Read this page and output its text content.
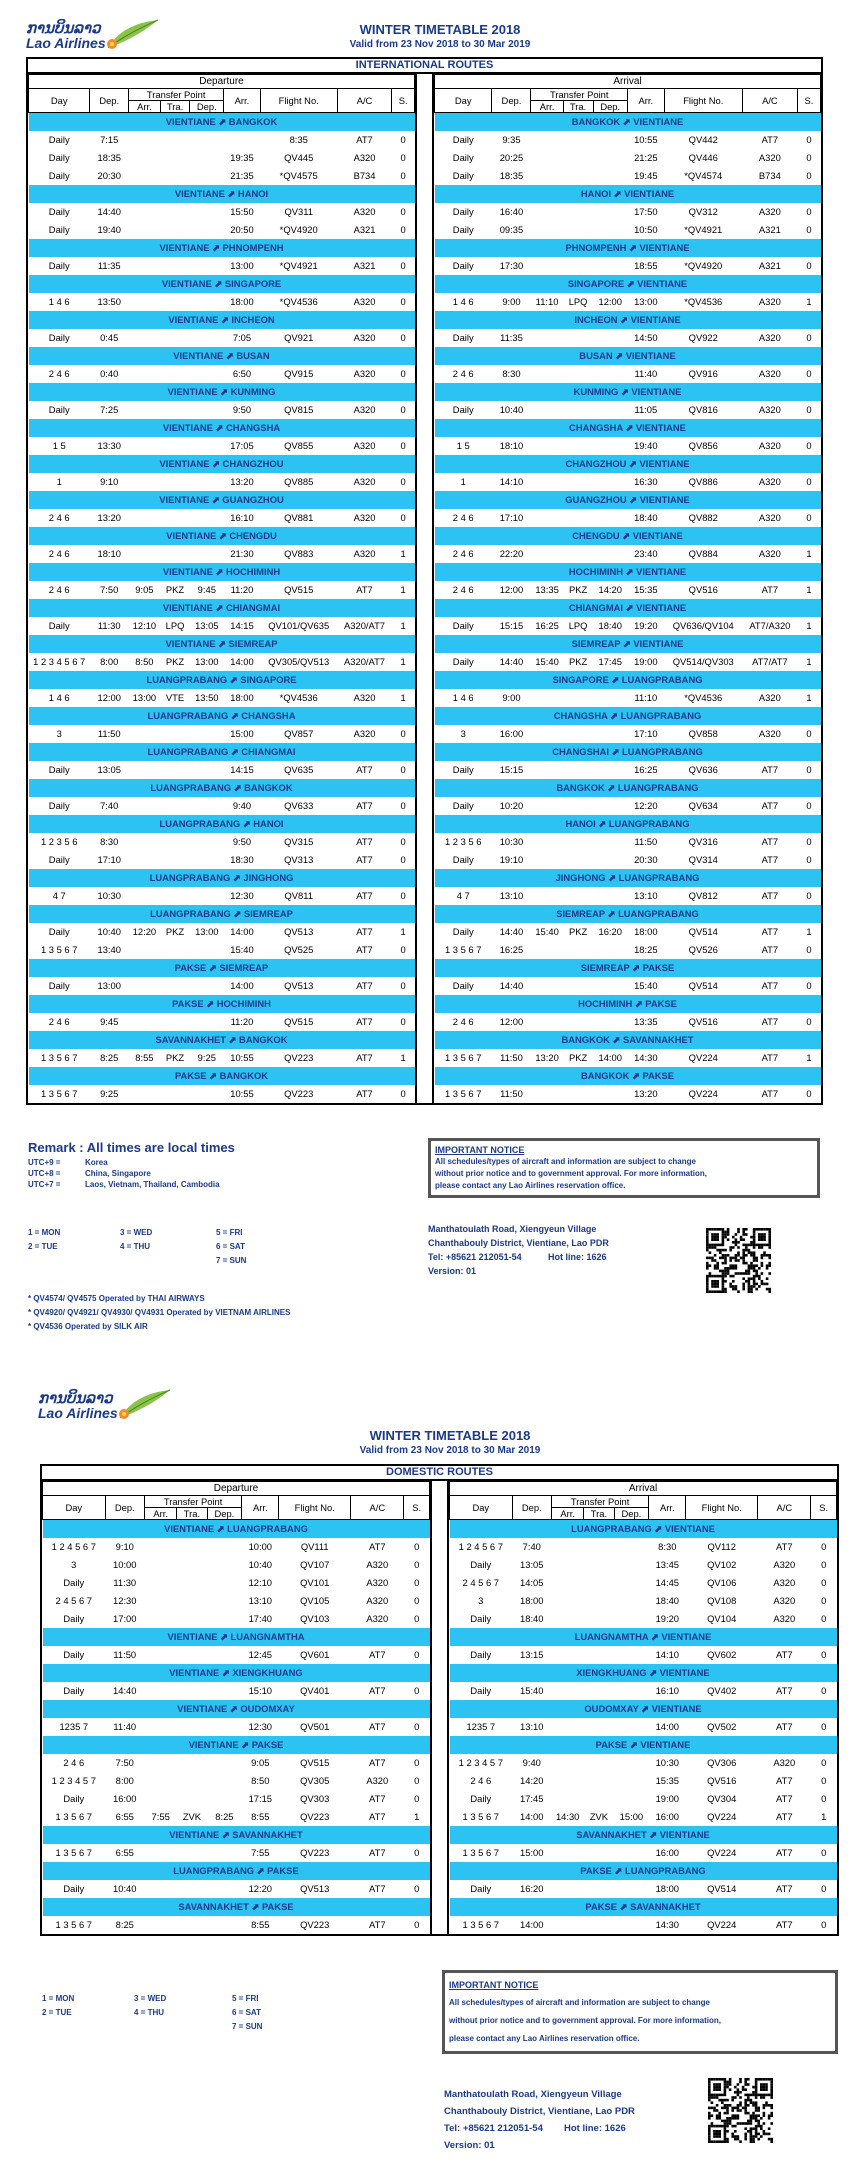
ການບິນລາວ
Lao Airlines
WINTER TIMETABLE 2018
Valid from 23 Nov 2018 to 30 Mar 2019
INTERNATIONAL ROUTES
Departure								
Day	Dep.	Transfer Point			Arr.	Flight No.	A/C	S.
		Arr.	Tra.	Dep.				
VIENTIANE ⬈ BANGKOK								
Daily	7:15					8:35	AT7	0
Daily	18:35				19:35	QV445	A320	0
Daily	20:30				21:35	*QV4575	B734	0
VIENTIANE ⬈ HANOI								
Daily	14:40				15:50	QV311	A320	0
Daily	19:40				20:50	*QV4920	A321	0
VIENTIANE ⬈ PHNOMPENH								
Daily	11:35				13:00	*QV4921	A321	0
VIENTIANE ⬈ SINGAPORE								
1 4 6	13:50				18:00	*QV4536	A320	0
VIENTIANE ⬈ INCHEON								
Daily	0:45				7:05	QV921	A320	0
VIENTIANE ⬈ BUSAN								
2 4 6	0:40				6:50	QV915	A320	0
VIENTIANE ⬈ KUNMING								
Daily	7:25				9:50	QV815	A320	0
VIENTIANE ⬈ CHANGSHA								
1 5	13:30				17:05	QV855	A320	0
VIENTIANE ⬈ CHANGZHOU								
1	9:10				13:20	QV885	A320	0
VIENTIANE ⬈ GUANGZHOU								
2 4 6	13:20				16:10	QV881	A320	0
VIENTIANE ⬈ CHENGDU								
2 4 6	18:10				21:30	QV883	A320	1
VIENTIANE ⬈ HOCHIMINH								
2 4 6	7:50	9:05	PKZ	9:45	11:20	QV515	AT7	1
VIENTIANE ⬈ CHIANGMAI								
Daily	11:30	12:10	LPQ	13:05	14:15	QV101/QV635	A320/AT7	1
VIENTIANE ⬈ SIEMREAP								
1 2 3 4 5 6 7	8:00	8:50	PKZ	13:00	14:00	QV305/QV513	A320/AT7	1
LUANGPRABANG ⬈ SINGAPORE								
1 4 6	12:00	13:00	VTE	13:50	18:00	*QV4536	A320	1
LUANGPRABANG ⬈ CHANGSHA								
3	11:50				15:00	QV857	A320	0
LUANGPRABANG ⬈ CHIANGMAI								
Daily	13:05				14:15	QV635	AT7	0
LUANGPRABANG ⬈ BANGKOK								
Daily	7:40				9:40	QV633	AT7	0
LUANGPRABANG ⬈ HANOI								
1 2 3 5 6	8:30				9:50	QV315	AT7	0
Daily	17:10				18:30	QV313	AT7	0
LUANGPRABANG ⬈ JINGHONG								
4 7	10:30				12:30	QV811	AT7	0
LUANGPRABANG ⬈ SIEMREAP								
Daily	10:40	12:20	PKZ	13:00	14:00	QV513	AT7	1
1 3 5 6 7	13:40				15:40	QV525	AT7	0
PAKSE ⬈ SIEMREAP								
Daily	13:00				14:00	QV513	AT7	0
PAKSE ⬈ HOCHIMINH								
2 4 6	9:45				11:20	QV515	AT7	0
SAVANNAKHET ⬈ BANGKOK								
1 3 5 6 7	8:25	8:55	PKZ	9:25	10:55	QV223	AT7	1
PAKSE ⬈ BANGKOK								
1 3 5 6 7	9:25				10:55	QV223	AT7	0
Arrival								
Day	Dep.	Transfer Point			Arr.	Flight No.	A/C	S.
		Arr.	Tra.	Dep.				
BANGKOK ⬈ VIENTIANE								
Daily	9:35				10:55	QV442	AT7	0
Daily	20:25				21:25	QV446	A320	0
Daily	18:35				19:45	*QV4574	B734	0
HANOI ⬈ VIENTIANE								
Daily	16:40				17:50	QV312	A320	0
Daily	09:35				10:50	*QV4921	A321	0
PHNOMPENH ⬈ VIENTIANE								
Daily	17:30				18:55	*QV4920	A321	0
SINGAPORE ⬈ VIENTIANE								
1 4 6	9:00	11:10	LPQ	12:00	13:00	*QV4536	A320	1
INCHEON ⬈ VIENTIANE								
Daily	11:35				14:50	QV922	A320	0
BUSAN ⬈ VIENTIANE								
2 4 6	8:30				11:40	QV916	A320	0
KUNMING ⬈ VIENTIANE								
Daily	10:40				11:05	QV816	A320	0
CHANGSHA ⬈ VIENTIANE								
1 5	18:10				19:40	QV856	A320	0
CHANGZHOU ⬈ VIENTIANE								
1	14:10				16:30	QV886	A320	0
GUANGZHOU ⬈ VIENTIANE								
2 4 6	17:10				18:40	QV882	A320	0
CHENGDU ⬈ VIENTIANE								
2 4 6	22:20				23:40	QV884	A320	1
HOCHIMINH ⬈ VIENTIANE								
2 4 6	12:00	13:35	PKZ	14:20	15:35	QV516	AT7	1
CHIANGMAI ⬈ VIENTIANE								
Daily	15:15	16:25	LPQ	18:40	19:20	QV636/QV104	AT7/A320	1
SIEMREAP ⬈ VIENTIANE								
Daily	14:40	15:40	PKZ	17:45	19:00	QV514/QV303	AT7/AT7	1
SINGAPORE ⬈ LUANGPRABANG								
1 4 6	9:00				11:10	*QV4536	A320	1
CHANGSHA ⬈ LUANGPRABANG								
3	16:00				17:10	QV858	A320	0
CHANGSHAI ⬈ LUANGPRABANG								
Daily	15:15				16:25	QV636	AT7	0
BANGKOK ⬈ LUANGPRABANG								
Daily	10:20				12:20	QV634	AT7	0
HANOI ⬈ LUANGPRABANG								
1 2 3 5 6	10:30				11:50	QV316	AT7	0
Daily	19:10				20:30	QV314	AT7	0
JINGHONG ⬈ LUANGPRABANG								
4 7	13:10				13:10	QV812	AT7	0
SIEMREAP ⬈ LUANGPRABANG								
Daily	14:40	15:40	PKZ	16:20	18:00	QV514	AT7	1
1 3 5 6 7	16:25				18:25	QV526	AT7	0
SIEMREAP ⬈ PAKSE								
Daily	14:40				15:40	QV514	AT7	0
HOCHIMINH ⬈ PAKSE								
2 4 6	12:00				13:35	QV516	AT7	0
BANGKOK ⬈ SAVANNAKHET								
1 3 5 6 7	11:50	13:20	PKZ	14:00	14:30	QV224	AT7	1
BANGKOK ⬈ PAKSE								
1 3 5 6 7	11:50				13:20	QV224	AT7	0
Remark : All times are local times
UTC+9 =	Korea
UTC+8 =	China, Singapore
UTC+7 =	Laos, Vietnam, Thailand, Cambodia
IMPORTANT NOTICE
All schedules/types of aircraft and information are subject to change
without prior notice and to government approval. For more information,
please contact any Lao Airlines reservation office.
1 = MON
2 = TUE
3 = WED
4 = THU
5 = FRI
6 = SAT
7 = SUN
* QV4574/ QV4575 Operated by THAI AIRWAYS
* QV4920/ QV4921/ QV4930/ QV4931 Operated by VIETNAM AIRLINES
* QV4536 Operated by SILK AIR
Manthatoulath Road, Xiengyeun Village
Chanthabouly District, Vientiane, Lao PDR
Tel: +85621 212051-54	Hot line: 1626
Version: 01
ການບິນລາວ
Lao Airlines
WINTER TIMETABLE 2018
Valid from 23 Nov 2018 to 30 Mar 2019
DOMESTIC ROUTES
Departure								
Day	Dep.	Transfer Point			Arr.	Flight No.	A/C	S.
		Arr.	Tra.	Dep.				
VIENTIANE ⬈ LUANGPRABANG								
1 2 4 5 6 7	9:10				10:00	QV111	AT7	0
3	10:00				10:40	QV107	A320	0
Daily	11:30				12:10	QV101	A320	0
2 4 5 6 7	12:30				13:10	QV105	A320	0
Daily	17:00				17:40	QV103	A320	0
VIENTIANE ⬈ LUANGNAMTHA								
Daily	11:50				12:45	QV601	AT7	0
VIENTIANE ⬈ XIENGKHUANG								
Daily	14:40				15:10	QV401	AT7	0
VIENTIANE ⬈ OUDOMXAY								
1235 7	11:40				12:30	QV501	AT7	0
VIENTIANE ⬈ PAKSE								
2 4 6	7:50				9:05	QV515	AT7	0
1 2 3 4 5 7	8:00				8:50	QV305	A320	0
Daily	16:00				17:15	QV303	AT7	0
1 3 5 6 7	6:55	7:55	ZVK	8:25	8:55	QV223	AT7	1
VIENTIANE ⬈ SAVANNAKHET								
1 3 5 6 7	6:55				7:55	QV223	AT7	0
LUANGPRABANG ⬈ PAKSE								
Daily	10:40				12:20	QV513	AT7	0
SAVANNAKHET ⬈ PAKSE								
1 3 5 6 7	8:25				8:55	QV223	AT7	0
Arrival								
Day	Dep.	Transfer Point			Arr.	Flight No.	A/C	S.
		Arr.	Tra.	Dep.				
LUANGPRABANG ⬈ VIENTIANE								
1 2 4 5 6 7	7:40				8:30	QV112	AT7	0
Daily	13:05				13:45	QV102	A320	0
2 4 5 6 7	14:05				14:45	QV106	A320	0
3	18:00				18:40	QV108	A320	0
Daily	18:40				19:20	QV104	A320	0
LUANGNAMTHA ⬈ VIENTIANE								
Daily	13:15				14:10	QV602	AT7	0
XIENGKHUANG ⬈ VIENTIANE								
Daily	15:40				16:10	QV402	AT7	0
OUDOMXAY ⬈ VIENTIANE								
1235 7	13:10				14:00	QV502	AT7	0
PAKSE ⬈ VIENTIANE								
1 2 3 4 5 7	9:40				10:30	QV306	A320	0
2 4 6	14:20				15:35	QV516	AT7	0
Daily	17:45				19:00	QV304	AT7	0
1 3 5 6 7	14:00	14:30	ZVK	15:00	16:00	QV224	AT7	1
SAVANNAKHET ⬈ VIENTIANE								
1 3 5 6 7	15:00				16:00	QV224	AT7	0
PAKSE ⬈ LUANGPRABANG								
Daily	16:20				18:00	QV514	AT7	0
PAKSE ⬈ SAVANNAKHET								
1 3 5 6 7	14:00				14:30	QV224	AT7	0
1 = MON
2 = TUE
3 = WED
4 = THU
5 = FRI
6 = SAT
7 = SUN
IMPORTANT NOTICE
All schedules/types of aircraft and information are subject to change
without prior notice and to government approval. For more information,
please contact any Lao Airlines reservation office.
Manthatoulath Road, Xiengyeun Village
Chanthabouly District, Vientiane, Lao PDR
Tel: +85621 212051-54	Hot line: 1626
Version: 01
